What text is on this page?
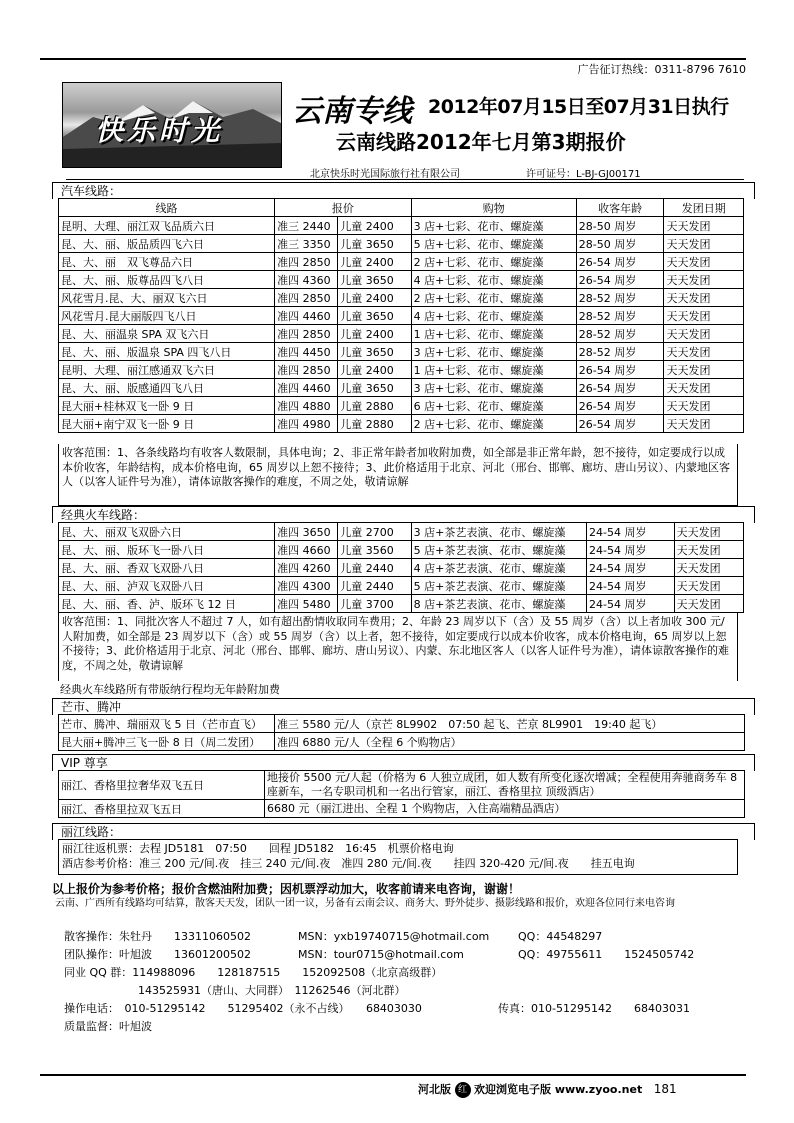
广告征订热线：0311-8796 7610
快乐时光
云南专线 2012年07月15日至07月31日执行
云南线路2012年七月第3期报价
北京快乐时光国际旅行社有限公司	许可证号：L-BJ-GJ00171
汽车线路：
线路	报价		购物	收客年龄	发团日期
昆明、大理、丽江双飞品质六日	准三 2440	儿童 2400	3 店+七彩、花市、螺旋藻	28-50 周岁	天天发团
昆、大、丽、版品质四飞六日	准三 3350	儿童 3650	5 店+七彩、花市、螺旋藻	28-50 周岁	天天发团
昆、大、丽　双飞尊品六日	准四 2850	儿童 2400	2 店+七彩、花市、螺旋藻	26-54 周岁	天天发团
昆、大、丽、版尊品四飞八日	准四 4360	儿童 3650	4 店+七彩、花市、螺旋藻	26-54 周岁	天天发团
风花雪月.昆、大、丽双飞六日	准四 2850	儿童 2400	2 店+七彩、花市、螺旋藻	28-52 周岁	天天发团
风花雪月.昆大丽版四飞八日	准四 4460	儿童 3650	4 店+七彩、花市、螺旋藻	28-52 周岁	天天发团
昆、大、丽温泉 SPA 双飞六日	准四 2850	儿童 2400	1 店+七彩、花市、螺旋藻	28-52 周岁	天天发团
昆、大、丽、版温泉 SPA 四飞八日	准四 4450	儿童 3650	3 店+七彩、花市、螺旋藻	28-52 周岁	天天发团
昆明、大理、丽江感通双飞六日	准四 2850	儿童 2400	1 店+七彩、花市、螺旋藻	26-54 周岁	天天发团
昆、大、丽、版感通四飞八日	准四 4460	儿童 3650	3 店+七彩、花市、螺旋藻	26-54 周岁	天天发团
昆大丽+桂林双飞一卧 9 日	准四 4880	儿童 2880	6 店+七彩、花市、螺旋藻	26-54 周岁	天天发团
昆大丽+南宁双飞一卧 9 日	准四 4980	儿童 2880	2 店+七彩、花市、螺旋藻	26-54 周岁	天天发团
收客范围：1、各条线路均有收客人数限制，具体电询；2、非正常年龄者加收附加费，如全部是非正常年龄，恕不接待，如定要成行以成本价收客，年龄结构，成本价格电询，65 周岁以上恕不接待；3、此价格适用于北京、河北（邢台、邯郸、廊坊、唐山另议）、内蒙地区客人（以客人证件号为准），请体谅散客操作的难度，不周之处，敬请谅解
经典火车线路：
昆、大、丽双飞双卧六日	准四 3650	儿童 2700	3 店+茶艺表演、花市、螺旋藻	24-54 周岁	天天发团
昆、大、丽、版环飞一卧八日	准四 4660	儿童 3560	5 店+茶艺表演、花市、螺旋藻	24-54 周岁	天天发团
昆、大、丽、香双飞双卧八日	准四 4260	儿童 2440	4 店+茶艺表演、花市、螺旋藻	24-54 周岁	天天发团
昆、大、丽、泸双飞双卧八日	准四 4300	儿童 2440	5 店+茶艺表演、花市、螺旋藻	24-54 周岁	天天发团
昆、大、丽、香、泸、版环飞 12 日	准四 5480	儿童 3700	8 店+茶艺表演、花市、螺旋藻	24-54 周岁	天天发团
收客范围：1、同批次客人不超过 7 人，如有超出酌情收取同车费用；2、年龄 23 周岁以下（含）及 55 周岁（含）以上者加收 300 元/人附加费，如全部是 23 周岁以下（含）或 55 周岁（含）以上者，恕不接待，如定要成行以成本价收客，成本价格电询，65 周岁以上恕不接待；3、此价格适用于北京、河北（邢台、邯郸、廊坊、唐山另议）、内蒙、东北地区客人（以客人证件号为准），请体谅散客操作的难度，不周之处，敬请谅解
经典火车线路所有带版纳行程均无年龄附加费
芒市、腾冲
芒市、腾冲、瑞丽双飞 5 日（芒市直飞）	准三 5580 元/人（京芒 8L9902　07:50 起飞、芒京 8L9901　19:40 起飞）
昆大丽+腾冲三飞一卧 8 日（周二发团）	准四 6880 元/人（全程 6 个购物店）
VIP 尊享
丽江、香格里拉奢华双飞五日	地接价 5500 元/人起（价格为 6 人独立成团，如人数有所变化逐次增减；全程使用奔驰商务车 8 座新车，一名专职司机和一名出行管家，丽江、香格里拉 顶级酒店）
丽江、香格里拉双飞五日	6680 元（丽江进出、全程 1 个购物店，入住高端精品酒店）
丽江线路：
丽江往返机票：去程 JD5181　07:50　　回程 JD5182　16:45　机票价格电询
酒店参考价格：准三 200 元/间.夜　挂三 240 元/间.夜　准四 280 元/间.夜　　挂四 320-420 元/间.夜　　挂五电询
以上报价为参考价格；报价含燃油附加费；因机票浮动加大，收客前请来电咨询，谢谢！
云南、广西所有线路均可结算，散客天天发，团队一团一议，另备有云南会议、商务大、野外徒步、摄影线路和报价，欢迎各位同行来电咨询
散客操作：朱牡丹　　13311060502	MSN：yxb19740715@hotmail.com	QQ：44548297
团队操作：叶旭波　　13601200502	MSN：tour0715@hotmail.com	QQ：49755611　　1524505742
同业 QQ 群：114988096　　128187515　　152092508（北京高级群）
143525931（唐山、大同群）　11262546（河北群）
操作电话：　010-51295142　　51295402（永不占线）　　68403030	传真：010-51295142　　68403031
质量监督：叶旭波
河北版 红 欢迎浏览电子版 www.zyoo.net 181
